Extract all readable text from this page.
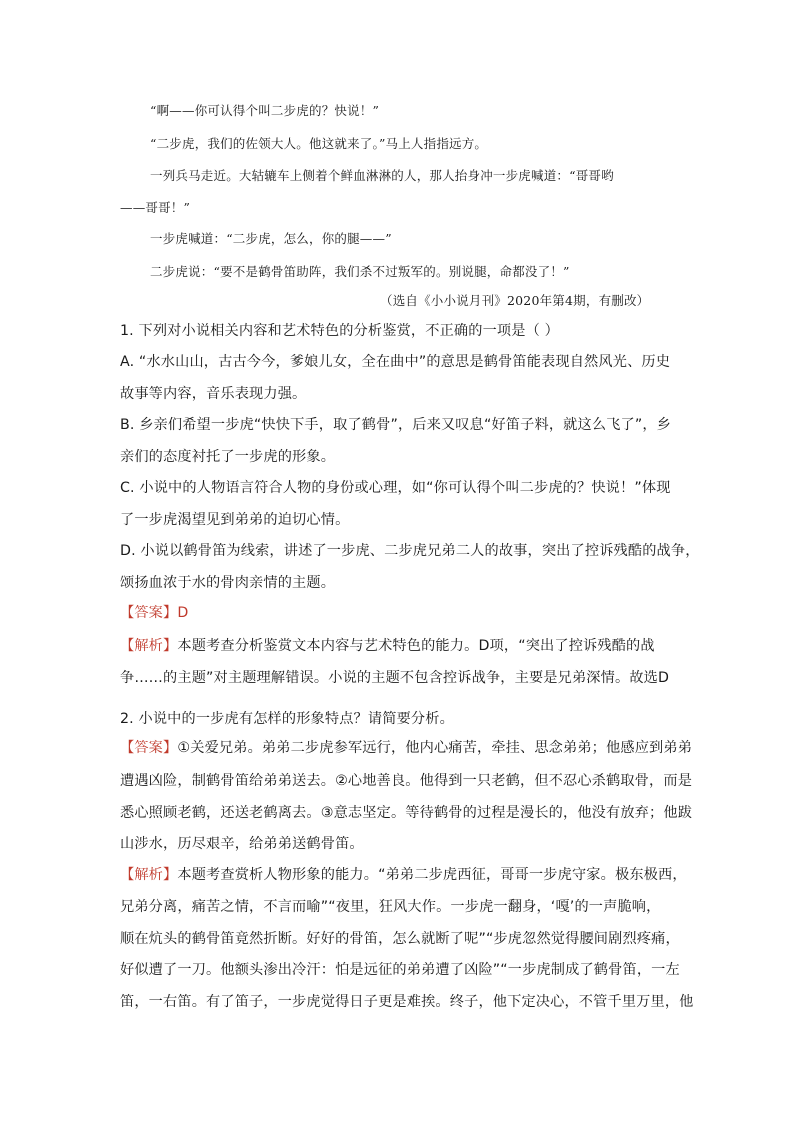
“啊——你可认得个叫二步虎的？快说！”
“二步虎，我们的佐领大人。他这就来了。”马上人指指远方。
一列兵马走近。大轱辘车上侧着个鲜血淋淋的人，那人抬身冲一步虎喊道：“哥哥哟
——哥哥！”
一步虎喊道：“二步虎，怎么，你的腿——”
二步虎说：“要不是鹤骨笛助阵，我们杀不过叛军的。别说腿，命都没了！”
（选自《小小说月刊》2020年第4期，有删改）
1. 下列对小说相关内容和艺术特色的分析鉴赏，不正确的一项是（ ）
A. “水水山山，古古今今，爹娘儿女，全在曲中”的意思是鹤骨笛能表现自然风光、历史
故事等内容，音乐表现力强。
B. 乡亲们希望一步虎“快快下手，取了鹤骨”，后来又叹息“好笛子料，就这么飞了”，乡
亲们的态度衬托了一步虎的形象。
C. 小说中的人物语言符合人物的身份或心理，如“你可认得个叫二步虎的？快说！”体现
了一步虎渴望见到弟弟的迫切心情。
D. 小说以鹤骨笛为线索，讲述了一步虎、二步虎兄弟二人的故事，突出了控诉残酷的战争，
颂扬血浓于水的骨肉亲情的主题。
【答案】D
【解析】本题考查分析鉴赏文本内容与艺术特色的能力。D项，“突出了控诉残酷的战
争……的主题”对主题理解错误。小说的主题不包含控诉战争，主要是兄弟深情。故选D
2. 小说中的一步虎有怎样的形象特点？请简要分析。
【答案】①关爱兄弟。弟弟二步虎参军远行，他内心痛苦，牵挂、思念弟弟；他感应到弟弟
遭遇凶险，制鹤骨笛给弟弟送去。②心地善良。他得到一只老鹤，但不忍心杀鹤取骨，而是
悉心照顾老鹤，还送老鹤离去。③意志坚定。等待鹤骨的过程是漫长的，他没有放弃；他跋
山涉水，历尽艰辛，给弟弟送鹤骨笛。
【解析】本题考查赏析人物形象的能力。“弟弟二步虎西征，哥哥一步虎守家。极东极西，
兄弟分离，痛苦之情，不言而喻”“夜里，狂风大作。一步虎一翻身，‘嘎’的一声脆响，
顺在炕头的鹤骨笛竟然折断。好好的骨笛，怎么就断了呢”“步虎忽然觉得腰间剧烈疼痛，
好似遭了一刀。他额头渗出冷汗：怕是远征的弟弟遭了凶险”“一步虎制成了鹤骨笛，一左
笛，一右笛。有了笛子，一步虎觉得日子更是难挨。终子，他下定决心，不管千里万里，他
